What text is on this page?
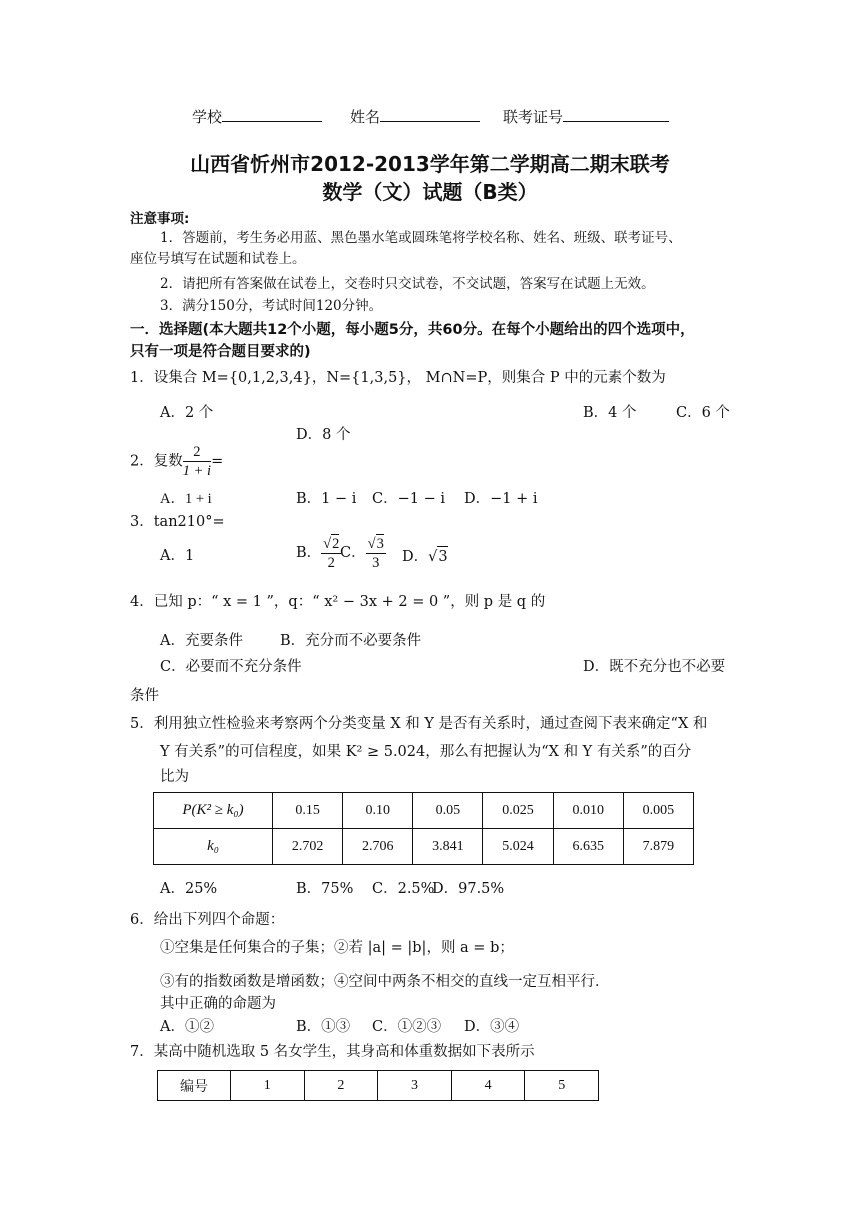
学校	姓名	联考证号
山西省忻州市2012-2013学年第二学期高二期末联考
数学（文）试题（B类）
注意事项:
1．答题前，考生务必用蓝、黑色墨水笔或圆珠笔将学校名称、姓名、班级、联考证号、
座位号填写在试题和试卷上。
2．请把所有答案做在试卷上，交卷时只交试卷，不交试题，答案写在试题上无效。
3．满分150分，考试时间120分钟。
一．选择题(本大题共12个小题，每小题5分，共60分。在每个小题给出的四个选项中，
只有一项是符合题目要求的)
1．设集合 M={0,1,2,3,4}，N={1,3,5}， M∩N=P，则集合 P 中的元素个数为
A．2 个	B．4 个	C．6 个
D．8 个
2．复数 $\frac{2}{1 + i}$ =
A．1 + i	B．1 − i C．−1 − i D．−1 + i
3．tan210°=
A．1	B． $\frac{√2}{2}$
C． $\frac{√3}{3}$ D．√3
4．已知 p：“ x = 1 ”，q：“ x² − 3x + 2 = 0 ”，则 p 是 q 的
A．充要条件	B．充分而不必要条件
C．必要而不充分条件	D．既不充分也不必要
条件
5．利用独立性检验来考察两个分类变量 X 和 Y 是否有关系时，通过查阅下表来确定“X 和
Y 有关系”的可信程度，如果 K² ≥ 5.024，那么有把握认为“X 和 Y 有关系”的百分
比为
P(K² ≥ k₀)	0.15	0.10	0.05	0.025	0.010	0.005
k₀	2.702	2.706	3.841	5.024	6.635	7.879
A．25%	B．75% C．2.5%
D．97.5%
6．给出下列四个命题：
①空集是任何集合的子集；②若 |a| = |b|，则 a = b；
③有的指数函数是增函数；④空间中两条不相交的直线一定互相平行．
其中正确的命题为
A．①②	B．①③ C．①②③ D．③④
7．某高中随机选取 5 名女学生，其身高和体重数据如下表所示
编号	1	2	3	4	5
